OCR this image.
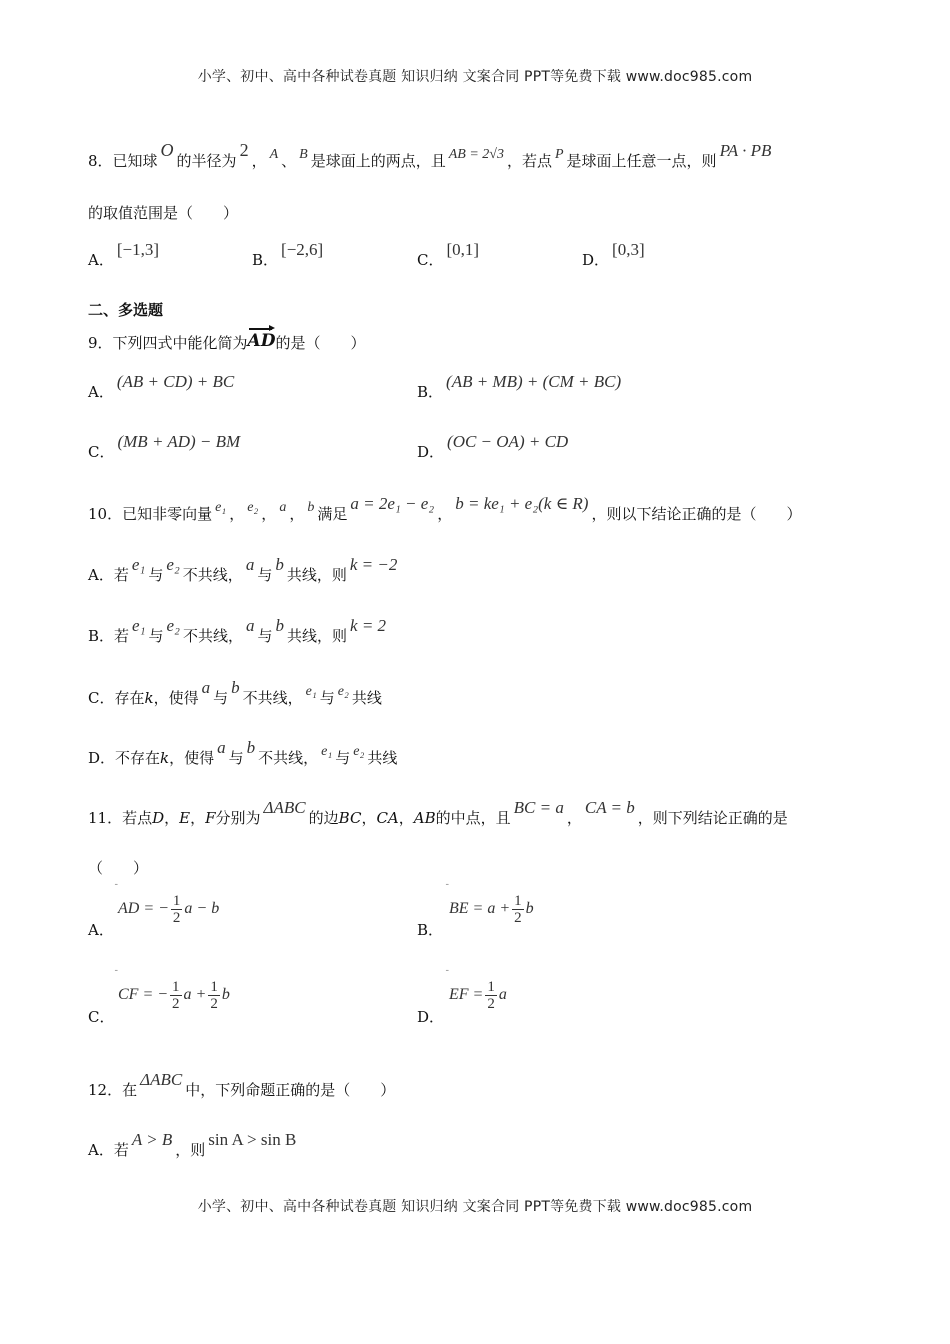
小学、初中、高中各种试卷真题 知识归纳 文案合同 PPT等免费下载 www.doc985.com
8．已知球O的半径为2， A 、 B 是球面上的两点，且 AB = 2√3 ，若点 P 是球面上任意一点，则PA · PB
的取值范围是（　　）
A．[−1,3]
B．[−2,6]
C．[0,1]
D．[0,3]
二、多选题
9．下列四式中能化简为AD的是（　　）
A．(AB + CD) + BC
B．(AB + MB) + (CM + BC)
C．(MB + AD) − BM
D．(OC − OA) + CD
10．已知非零向量 e₁ ， e₂ ， a ， b 满足a = 2e₁ − e₂，b = ke₁ + e₂(k ∈ R)，则以下结论正确的是（　　）
A．若e₁与e₂不共线，a与b共线，则k = −2
B．若e₁与e₂不共线，a与b共线，则k = 2
C．存在k，使得a与b不共线， e₁ 与 e₂ 共线
D．不存在k，使得a与b不共线， e₁ 与 e₂ 共线
11．若点D，E，F分别为ΔABC的边BC，CA，AB的中点，且BC = a，CA = b，则下列结论正确的是
（　　）
A．
¯
AD = − $\frac{1}{2}$ a − b
B．
¯
BE = $a + \frac{1}{2}$ b
C．
¯
CF = − $\frac{1}{2}$ $a + \frac{1}{2}$ b
D．
¯
EF = $\frac{1}{2}$ a
12．在ΔABC中，下列命题正确的是（　　）
A．若A > B，则sin A > sin B
小学、初中、高中各种试卷真题 知识归纳 文案合同 PPT等免费下载 www.doc985.com
